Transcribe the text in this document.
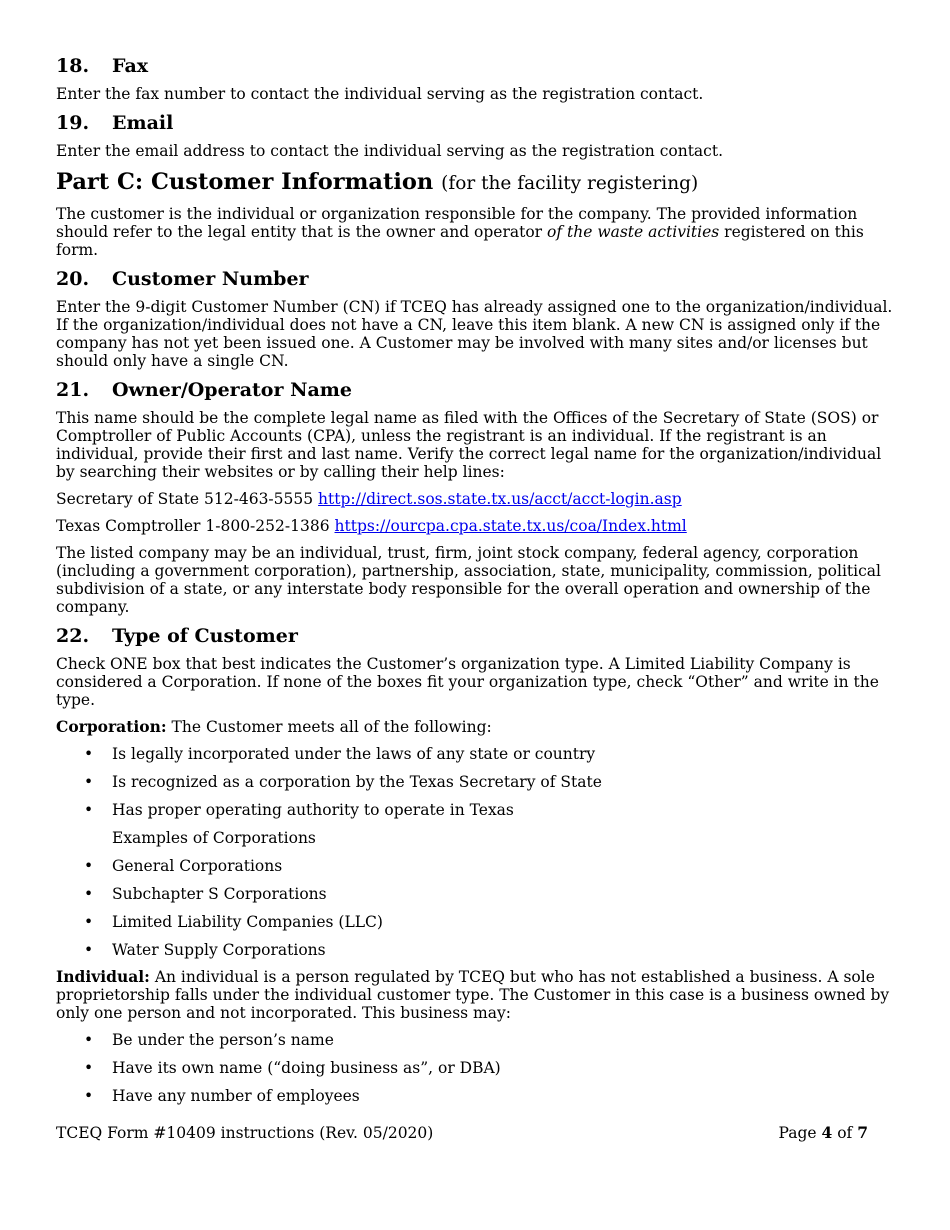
18. Fax

Enter the fax number to contact the individual serving as the registration contact.

19. Email

Enter the email address to contact the individual serving as the registration contact.

Part C: Customer Information (for the facility registering)

The customer is the individual or organization responsible for the company. The provided information should refer to the legal entity that is the owner and operator of the waste activities registered on this form.

20. Customer Number

Enter the 9-digit Customer Number (CN) if TCEQ has already assigned one to the organization/individual. If the organization/individual does not have a CN, leave this item blank. A new CN is assigned only if the company has not yet been issued one. A Customer may be involved with many sites and/or licenses but should only have a single CN.

21. Owner/Operator Name

This name should be the complete legal name as filed with the Offices of the Secretary of State (SOS) or Comptroller of Public Accounts (CPA), unless the registrant is an individual. If the registrant is an individual, provide their first and last name. Verify the correct legal name for the organization/individual by searching their websites or by calling their help lines:

Secretary of State 512-463-5555 http://direct.sos.state.tx.us/acct/acct-login.asp

Texas Comptroller 1-800-252-1386 https://ourcpa.cpa.state.tx.us/coa/Index.html

The listed company may be an individual, trust, firm, joint stock company, federal agency, corporation (including a government corporation), partnership, association, state, municipality, commission, political subdivision of a state, or any interstate body responsible for the overall operation and ownership of the company.

22. Type of Customer

Check ONE box that best indicates the Customer’s organization type. A Limited Liability Company is considered a Corporation. If none of the boxes fit your organization type, check “Other” and write in the type.

Corporation: The Customer meets all of the following:

• Is legally incorporated under the laws of any state or country
• Is recognized as a corporation by the Texas Secretary of State
• Has proper operating authority to operate in Texas
Examples of Corporations
• General Corporations
• Subchapter S Corporations
• Limited Liability Companies (LLC)
• Water Supply Corporations

Individual: An individual is a person regulated by TCEQ but who has not established a business. A sole proprietorship falls under the individual customer type. The Customer in this case is a business owned by only one person and not incorporated. This business may:

• Be under the person’s name
• Have its own name (“doing business as”, or DBA)
• Have any number of employees
TCEQ Form #10409 instructions (Rev. 05/2020)	Page 4 of 7
